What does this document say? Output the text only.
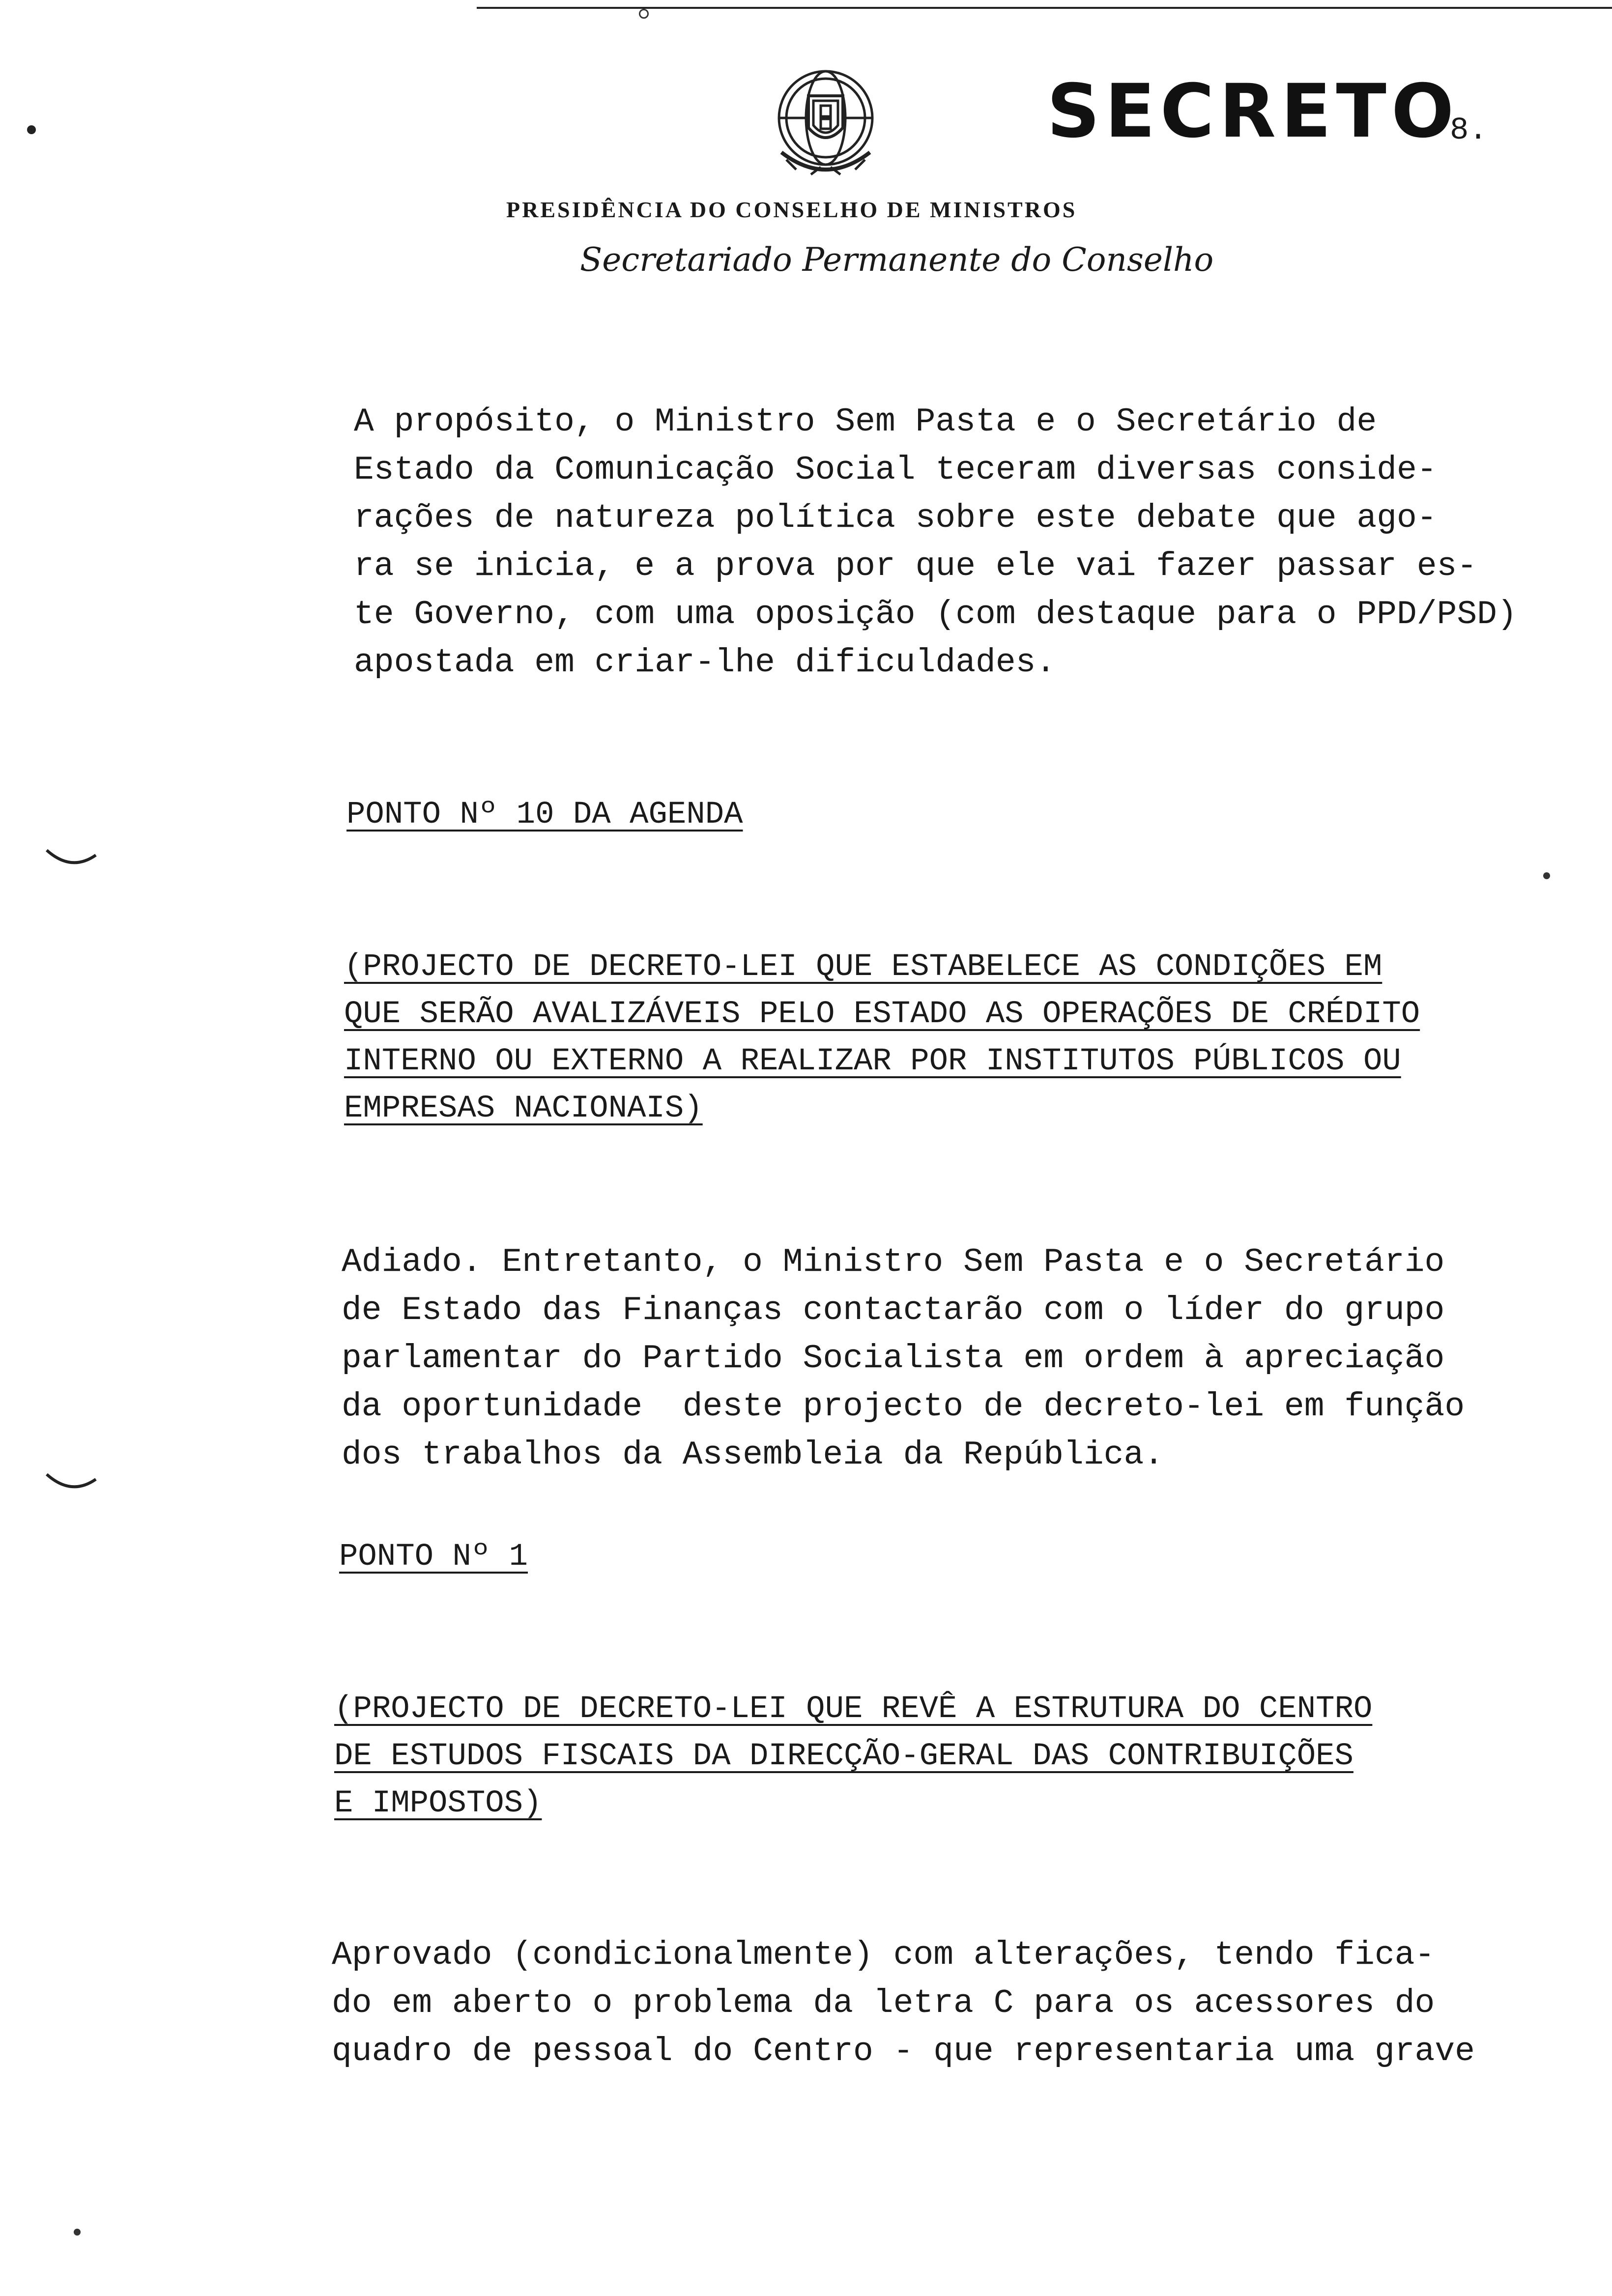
SECRETO
8.
PRESIDÊNCIA DO CONSELHO DE MINISTROS
Secretariado Permanente do Conselho

A propósito, o Ministro Sem Pasta e o Secretário de

Estado da Comunicação Social teceram diversas conside-

rações de natureza política sobre este debate que ago-

ra se inicia, e a prova por que ele vai fazer passar es-

te Governo, com uma oposição (com destaque para o PPD/PSD)

apostada em criar-lhe dificuldades.

PONTO Nº 10 DA AGENDA

(PROJECTO DE DECRETO-LEI QUE ESTABELECE AS CONDIÇÕES EM

QUE SERÃO AVALIZÁVEIS PELO ESTADO AS OPERAÇÕES DE CRÉDITO

INTERNO OU EXTERNO A REALIZAR POR INSTITUTOS PÚBLICOS OU

EMPRESAS NACIONAIS)

Adiado. Entretanto, o Ministro Sem Pasta e o Secretário

de Estado das Finanças contactarão com o líder do grupo

parlamentar do Partido Socialista em ordem à apreciação

da oportunidade  deste projecto de decreto-lei em função

dos trabalhos da Assembleia da República.

PONTO Nº 1

(PROJECTO DE DECRETO-LEI QUE REVÊ A ESTRUTURA DO CENTRO

DE ESTUDOS FISCAIS DA DIRECÇÃO-GERAL DAS CONTRIBUIÇÕES

E IMPOSTOS)

Aprovado (condicionalmente) com alterações, tendo fica-

do em aberto o problema da letra C para os acessores do

quadro de pessoal do Centro - que representaria uma grave
